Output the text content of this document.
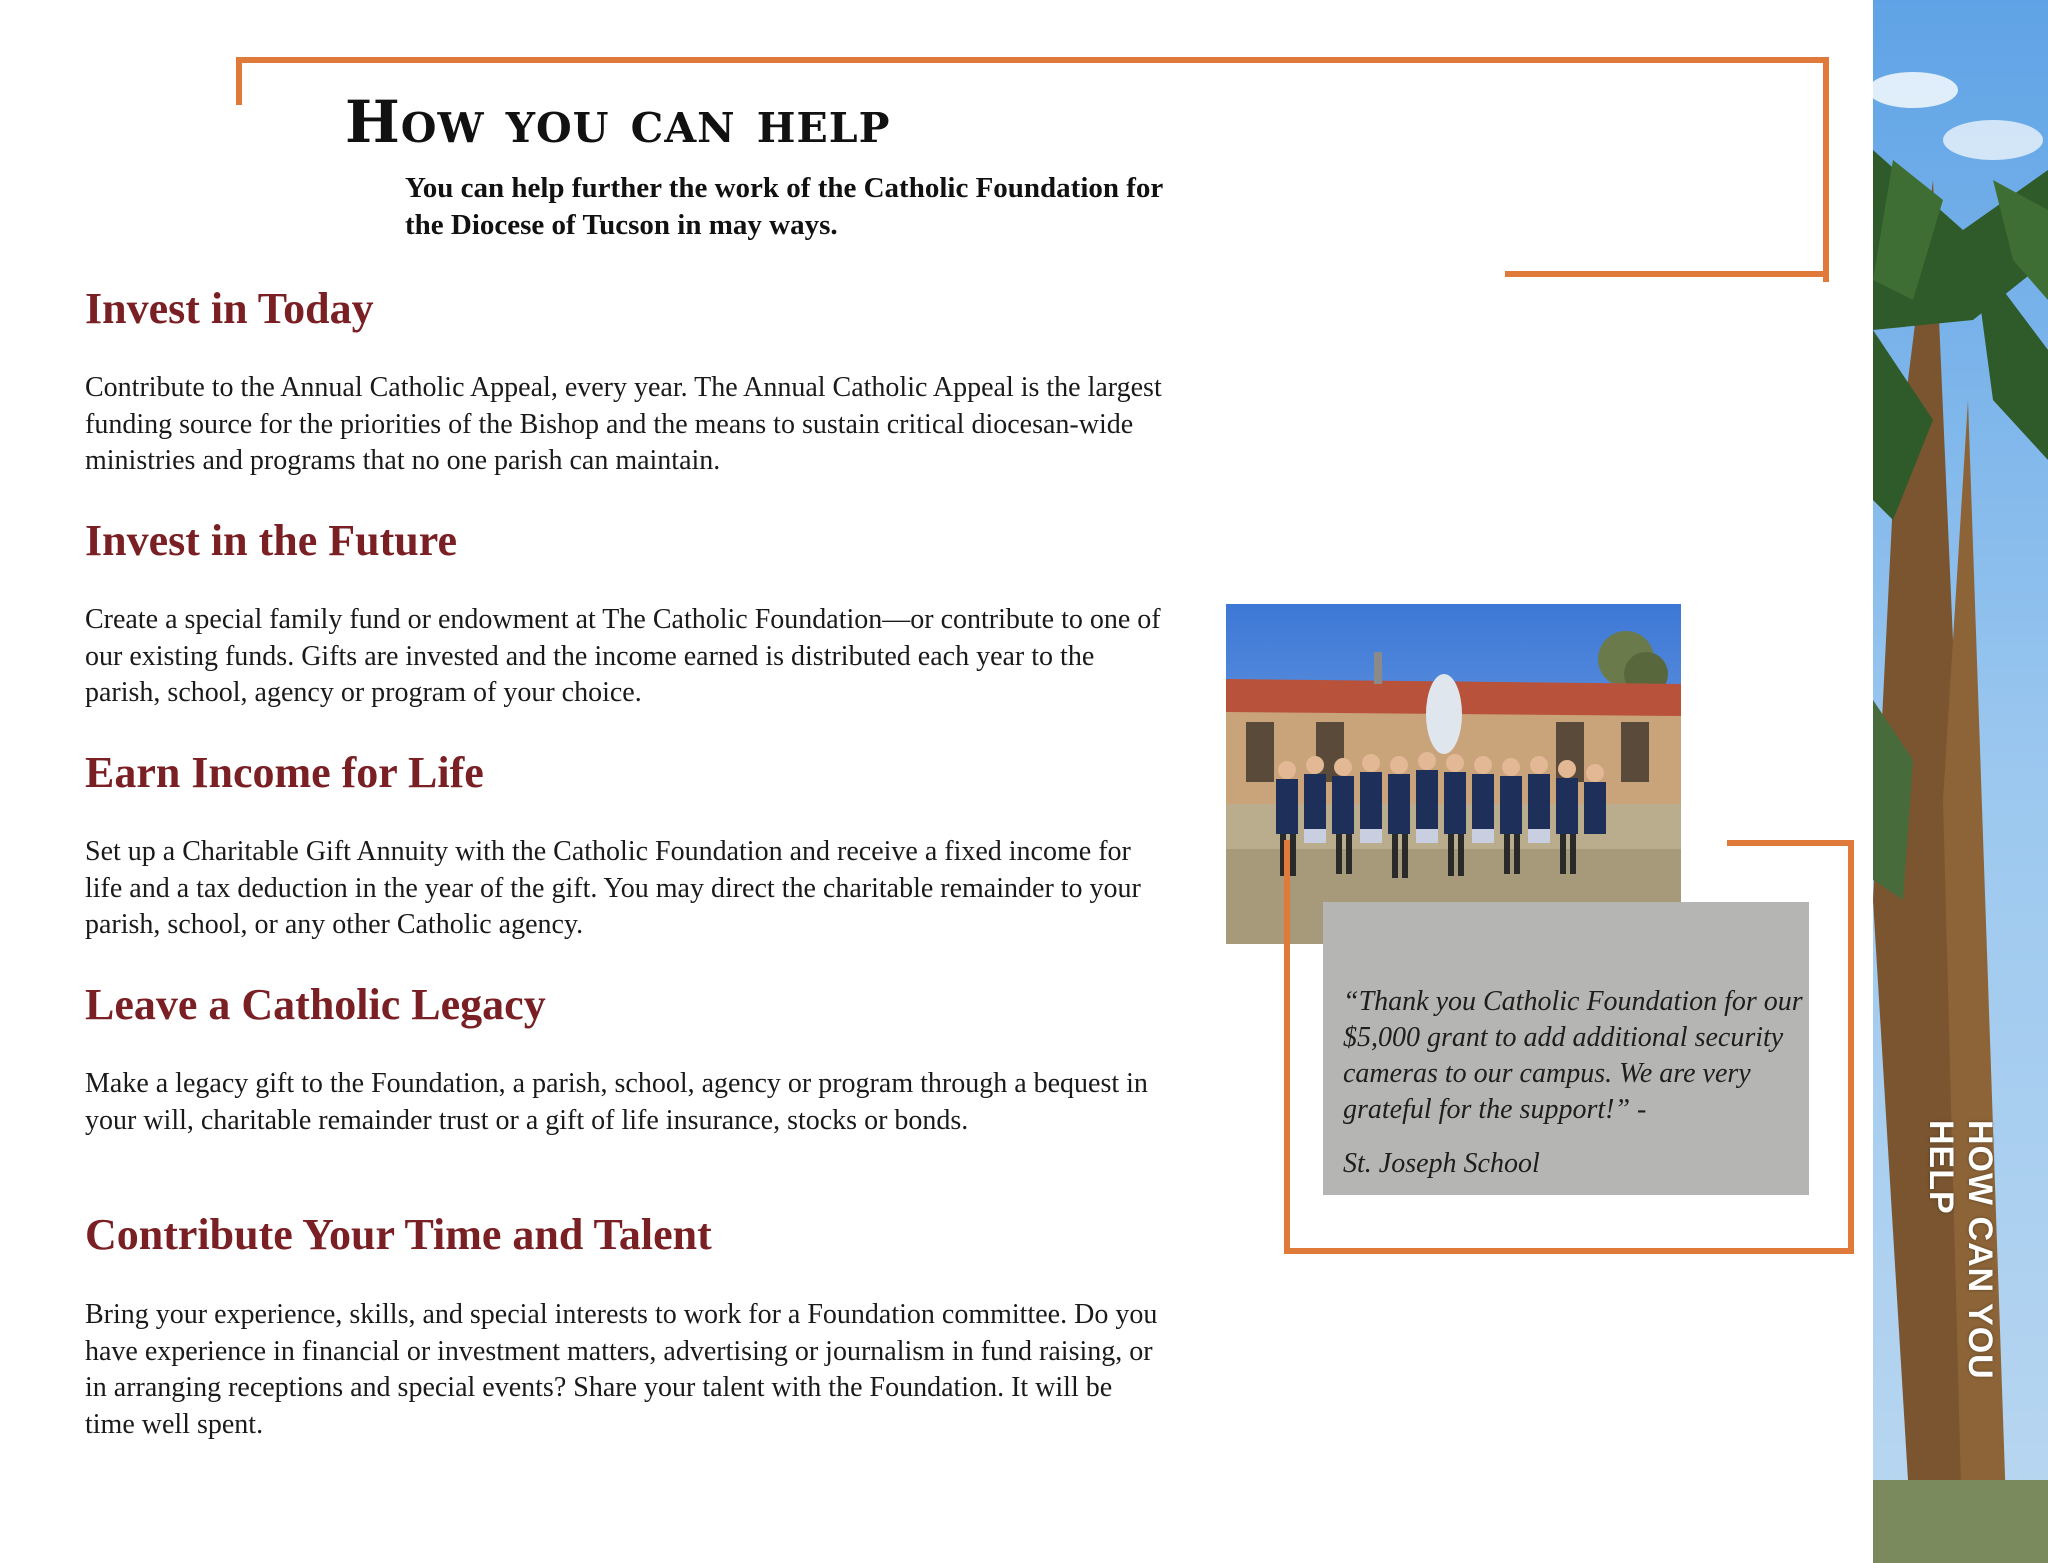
How you can help
You can help further the work of the Catholic Foundation for the Diocese of Tucson in may ways.
Invest in Today
Contribute to the Annual Catholic Appeal, every year. The Annual Catholic Appeal is the largest funding source for the priorities of the Bishop and the means to sustain critical diocesan-wide ministries and programs that no one parish can maintain.
Invest in the Future
Create a special family fund or endowment at The Catholic Foundation—or contribute to one of our existing funds. Gifts are invested and the income earned is distributed each year to the parish, school, agency or program of your choice.
Earn Income for Life
Set up a Charitable Gift Annuity with the Catholic Foundation and receive a fixed income for life and a tax deduction in the year of the gift. You may direct the charitable remainder to your parish, school, or any other Catholic agency.
Leave a Catholic Legacy
Make a legacy gift to the Foundation, a parish, school, agency or program through a bequest in your will, charitable remainder trust or a gift of life insurance, stocks or bonds.
Contribute Your Time and Talent
Bring your experience, skills, and special interests to work for a Foundation committee. Do you have experience in financial or investment matters, advertising or journalism in fund raising, or in arranging receptions and special events? Share your talent with the Foundation. It will be time well spent.
“Thank you Catholic Foundation for our $5,000 grant to add additional security cameras to our campus. We are very grateful for the support!” -
St. Joseph School	HOW CAN YOU HELP
